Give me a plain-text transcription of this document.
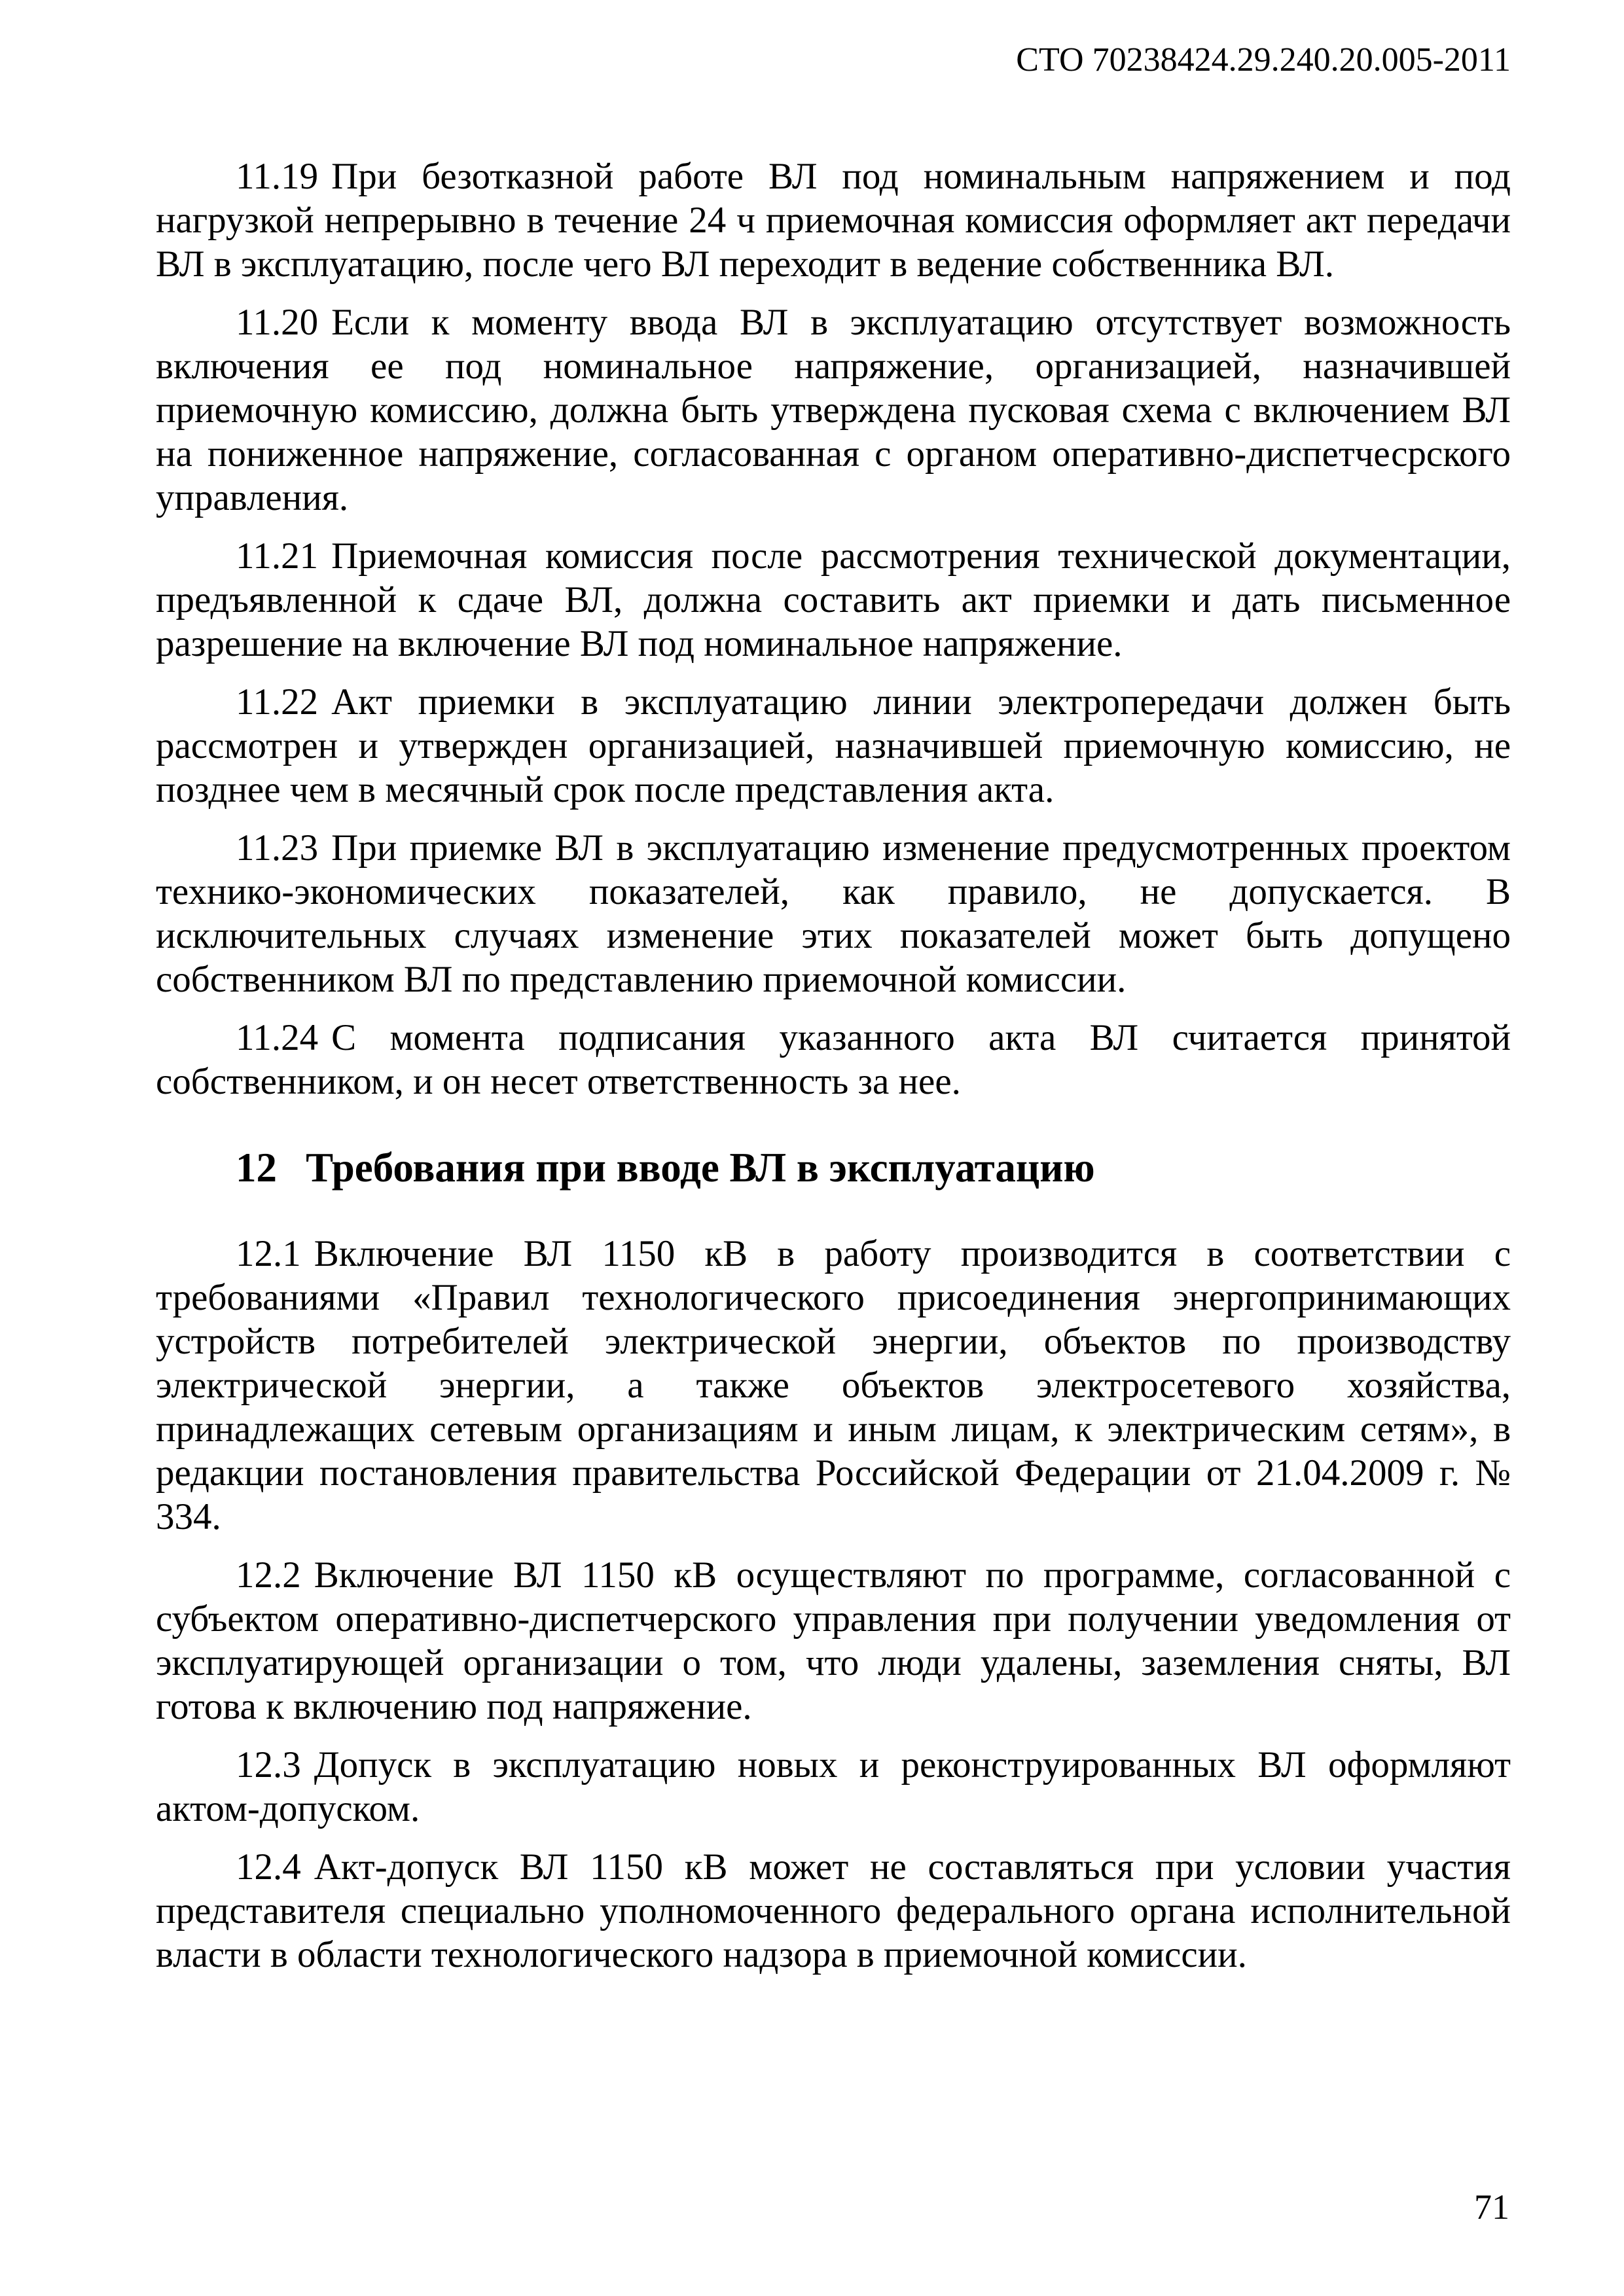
СТО 70238424.29.240.20.005-2011

11.19 При безотказной работе ВЛ под номинальным напряжением и под нагрузкой непрерывно в течение 24 ч приемочная комиссия оформляет акт передачи ВЛ в эксплуатацию, после чего ВЛ переходит в ведение собственника ВЛ.

11.20 Если к моменту ввода ВЛ в эксплуатацию отсутствует возможность включения ее под номинальное напряжение, организацией, назначившей приемочную комиссию, должна быть утверждена пусковая схема с включением ВЛ на пониженное напряжение, согласованная с органом оперативно-диспетчесрского управления.

11.21 Приемочная комиссия после рассмотрения технической документации, предъявленной к сдаче ВЛ, должна составить акт приемки и дать письменное разрешение на включение ВЛ под номинальное напряжение.

11.22 Акт приемки в эксплуатацию линии электропередачи должен быть рассмотрен и утвержден организацией, назначившей приемочную комиссию, не позднее чем в месячный срок после представления акта.

11.23 При приемке ВЛ в эксплуатацию изменение предусмотренных проектом технико-экономических показателей, как правило, не допускается. В исключительных случаях изменение этих показателей может быть допущено собственником ВЛ по представлению приемочной комиссии.

11.24 С момента подписания указанного акта ВЛ считается принятой собственником, и он несет ответственность за нее.

12 Требования при вводе ВЛ в эксплуатацию

12.1 Включение ВЛ 1150 кВ в работу производится в соответствии с требованиями «Правил технологического присоединения энергопринимающих устройств потребителей электрической энергии, объектов по производству электрической энергии, а также объектов электросетевого хозяйства, принадлежащих сетевым организациям и иным лицам, к электрическим сетям», в редакции постановления правительства Российской Федерации от 21.04.2009 г. № 334.

12.2 Включение ВЛ 1150 кВ осуществляют по программе, согласованной с субъектом оперативно-диспетчерского управления при получении уведомления от эксплуатирующей организации о том, что люди удалены, заземления сняты, ВЛ готова к включению под напряжение.

12.3 Допуск в эксплуатацию новых и реконструированных ВЛ оформляют актом-допуском.

12.4 Акт-допуск ВЛ 1150 кВ может не составляться при условии участия представителя специально уполномоченного федерального органа исполнительной власти в области технологического надзора в приемочной комиссии.

71
